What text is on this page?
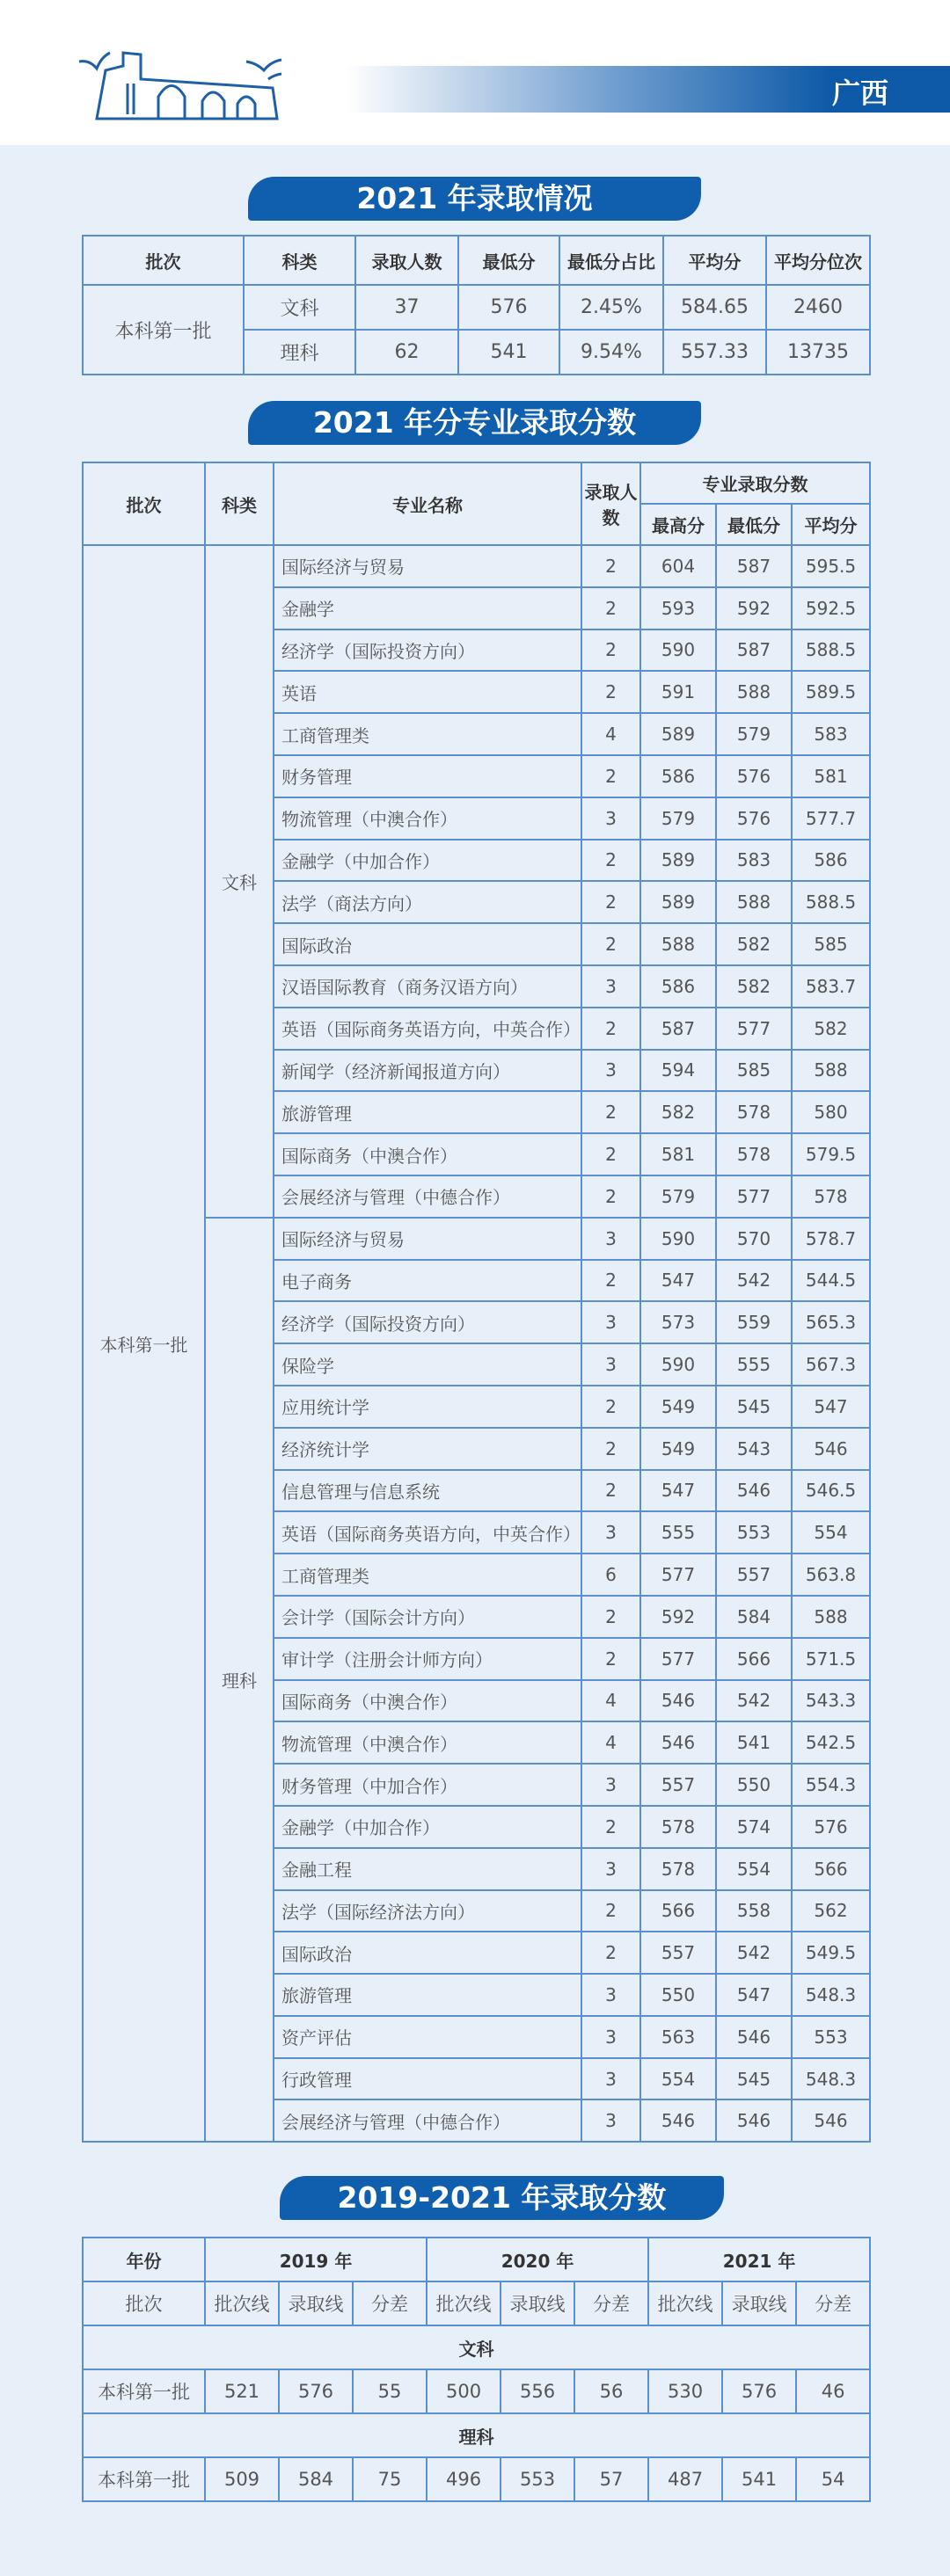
广西
2021 年录取情况
批次	科类	录取人数	最低分	最低分占比	平均分	平均分位次
本科第一批	文科	37	576	2.45%	584.65	2460
	理科	62	541	9.54%	557.33	13735
2021 年分专业录取分数
批次	科类	专业名称	录取人数	专业录取分数		
				最高分	最低分	平均分
本科第一批	文科	国际经济与贸易	2	604	587	595.5
		金融学	2	593	592	592.5
		经济学（国际投资方向）	2	590	587	588.5
		英语	2	591	588	589.5
		工商管理类	4	589	579	583
		财务管理	2	586	576	581
		物流管理（中澳合作）	3	579	576	577.7
		金融学（中加合作）	2	589	583	586
		法学（商法方向）	2	589	588	588.5
		国际政治	2	588	582	585
		汉语国际教育（商务汉语方向）	3	586	582	583.7
		英语（国际商务英语方向，中英合作）	2	587	577	582
		新闻学（经济新闻报道方向）	3	594	585	588
		旅游管理	2	582	578	580
		国际商务（中澳合作）	2	581	578	579.5
		会展经济与管理（中德合作）	2	579	577	578
	理科	国际经济与贸易	3	590	570	578.7
		电子商务	2	547	542	544.5
		经济学（国际投资方向）	3	573	559	565.3
		保险学	3	590	555	567.3
		应用统计学	2	549	545	547
		经济统计学	2	549	543	546
		信息管理与信息系统	2	547	546	546.5
		英语（国际商务英语方向，中英合作）	3	555	553	554
		工商管理类	6	577	557	563.8
		会计学（国际会计方向）	2	592	584	588
		审计学（注册会计师方向）	2	577	566	571.5
		国际商务（中澳合作）	4	546	542	543.3
		物流管理（中澳合作）	4	546	541	542.5
		财务管理（中加合作）	3	557	550	554.3
		金融学（中加合作）	2	578	574	576
		金融工程	3	578	554	566
		法学（国际经济法方向）	2	566	558	562
		国际政治	2	557	542	549.5
		旅游管理	3	550	547	548.3
		资产评估	3	563	546	553
		行政管理	3	554	545	548.3
		会展经济与管理（中德合作）	3	546	546	546
2019-2021 年录取分数
年份	2019 年			2020 年			2021 年		
批次	批次线	录取线	分差	批次线	录取线	分差	批次线	录取线	分差
文科									
本科第一批	521	576	55	500	556	56	530	576	46
理科									
本科第一批	509	584	75	496	553	57	487	541	54
